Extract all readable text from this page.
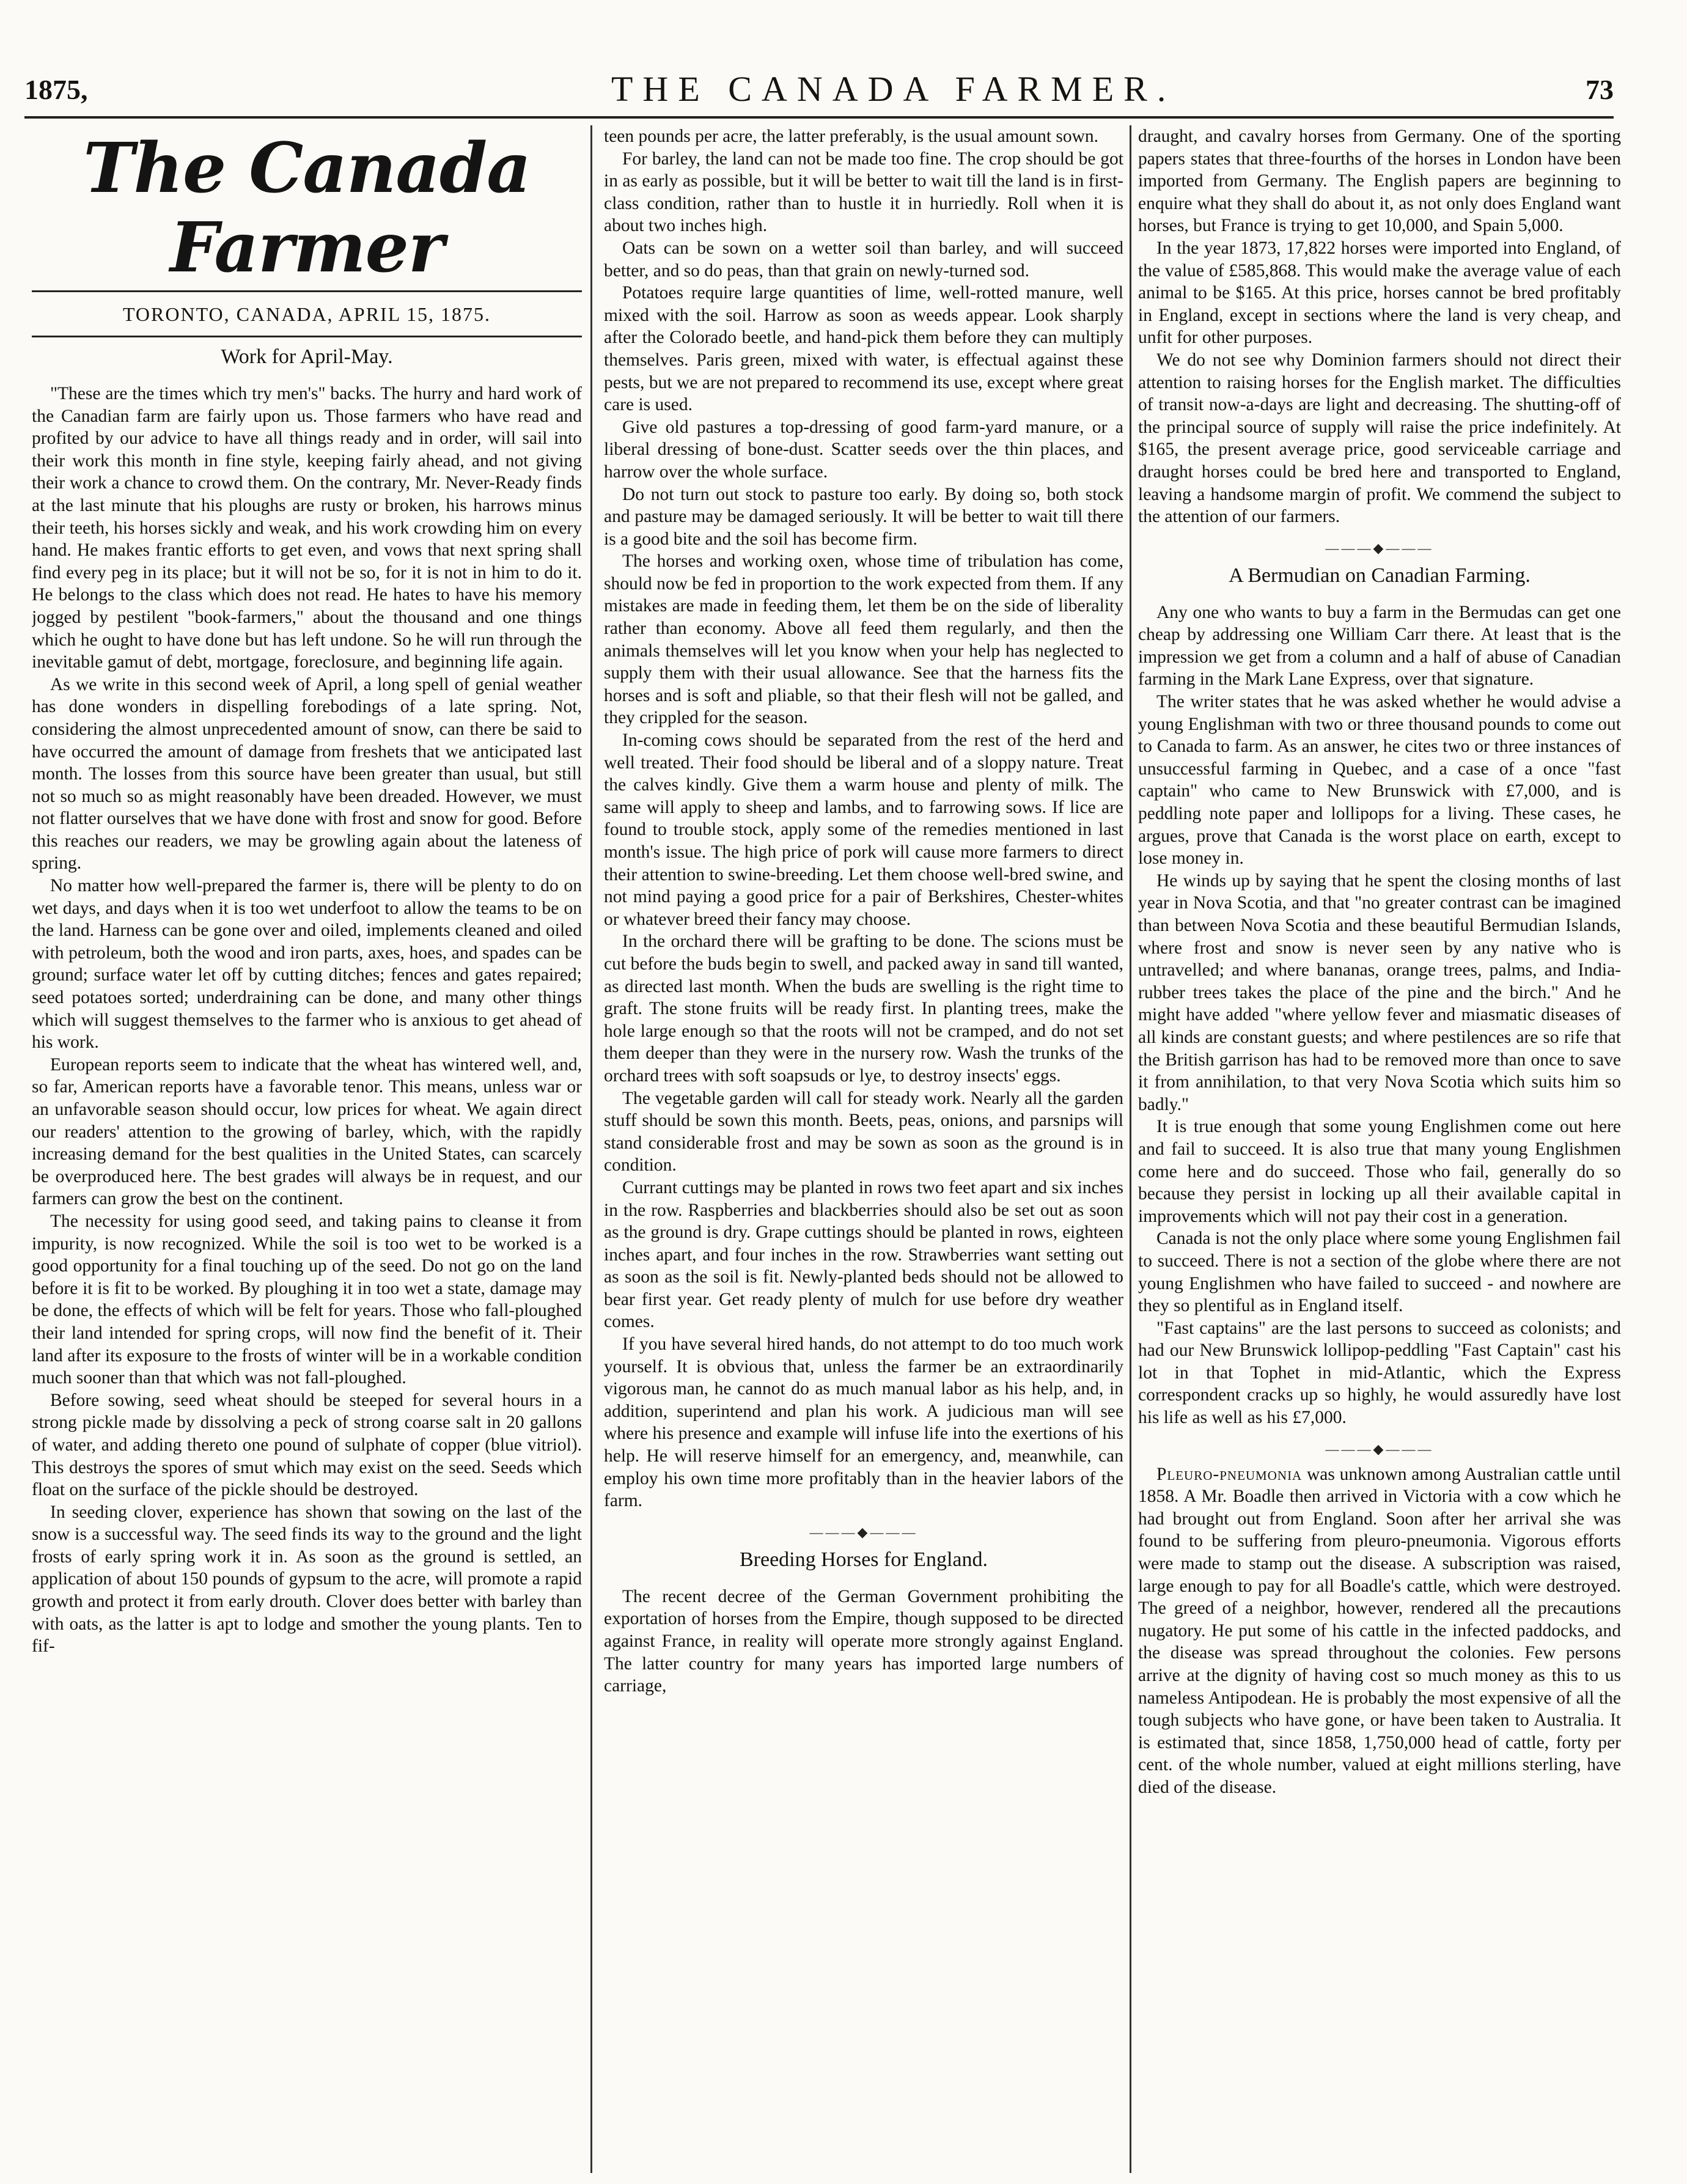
1875,	THE CANADA FARMER.	73
The Canada Farmer
TORONTO, CANADA, APRIL 15, 1875.
Work for April-May.

"These are the times which try men's" backs. The hurry and hard work of the Canadian farm are fairly upon us. Those farmers who have read and profited by our advice to have all things ready and in order, will sail into their work this month in fine style, keeping fairly ahead, and not giving their work a chance to crowd them. On the contrary, Mr. Never-Ready finds at the last minute that his ploughs are rusty or broken, his harrows minus their teeth, his horses sickly and weak, and his work crowding him on every hand. He makes frantic efforts to get even, and vows that next spring shall find every peg in its place; but it will not be so, for it is not in him to do it. He belongs to the class which does not read. He hates to have his memory jogged by pestilent "book-farmers," about the thousand and one things which he ought to have done but has left undone. So he will run through the inevitable gamut of debt, mortgage, foreclosure, and beginning life again.

As we write in this second week of April, a long spell of genial weather has done wonders in dispelling forebodings of a late spring. Not, considering the almost unprecedented amount of snow, can there be said to have occurred the amount of damage from freshets that we anticipated last month. The losses from this source have been greater than usual, but still not so much so as might reasonably have been dreaded. However, we must not flatter ourselves that we have done with frost and snow for good. Before this reaches our readers, we may be growling again about the lateness of spring.

No matter how well-prepared the farmer is, there will be plenty to do on wet days, and days when it is too wet underfoot to allow the teams to be on the land. Harness can be gone over and oiled, implements cleaned and oiled with petroleum, both the wood and iron parts, axes, hoes, and spades can be ground; surface water let off by cutting ditches; fences and gates repaired; seed potatoes sorted; underdraining can be done, and many other things which will suggest themselves to the farmer who is anxious to get ahead of his work.

European reports seem to indicate that the wheat has wintered well, and, so far, American reports have a favorable tenor. This means, unless war or an unfavorable season should occur, low prices for wheat. We again direct our readers' attention to the growing of barley, which, with the rapidly increasing demand for the best qualities in the United States, can scarcely be overproduced here. The best grades will always be in request, and our farmers can grow the best on the continent.

The necessity for using good seed, and taking pains to cleanse it from impurity, is now recognized. While the soil is too wet to be worked is a good opportunity for a final touching up of the seed. Do not go on the land before it is fit to be worked. By ploughing it in too wet a state, damage may be done, the effects of which will be felt for years. Those who fall-ploughed their land intended for spring crops, will now find the benefit of it. Their land after its exposure to the frosts of winter will be in a workable condition much sooner than that which was not fall-ploughed.

Before sowing, seed wheat should be steeped for several hours in a strong pickle made by dissolving a peck of strong coarse salt in 20 gallons of water, and adding thereto one pound of sulphate of copper (blue vitriol). This destroys the spores of smut which may exist on the seed. Seeds which float on the surface of the pickle should be destroyed.

In seeding clover, experience has shown that sowing on the last of the snow is a successful way. The seed finds its way to the ground and the light frosts of early spring work it in. As soon as the ground is settled, an application of about 150 pounds of gypsum to the acre, will promote a rapid growth and protect it from early drouth. Clover does better with barley than with oats, as the latter is apt to lodge and smother the young plants. Ten to fif-

teen pounds per acre, the latter preferably, is the usual amount sown.

For barley, the land can not be made too fine. The crop should be got in as early as possible, but it will be better to wait till the land is in first-class condition, rather than to hustle it in hurriedly. Roll when it is about two inches high.

Oats can be sown on a wetter soil than barley, and will succeed better, and so do peas, than that grain on newly-turned sod.

Potatoes require large quantities of lime, well-rotted manure, well mixed with the soil. Harrow as soon as weeds appear. Look sharply after the Colorado beetle, and hand-pick them before they can multiply themselves. Paris green, mixed with water, is effectual against these pests, but we are not prepared to recommend its use, except where great care is used.

Give old pastures a top-dressing of good farm-yard manure, or a liberal dressing of bone-dust. Scatter seeds over the thin places, and harrow over the whole surface.

Do not turn out stock to pasture too early. By doing so, both stock and pasture may be damaged seriously. It will be better to wait till there is a good bite and the soil has become firm.

The horses and working oxen, whose time of tribulation has come, should now be fed in proportion to the work expected from them. If any mistakes are made in feeding them, let them be on the side of liberality rather than economy. Above all feed them regularly, and then the animals themselves will let you know when your help has neglected to supply them with their usual allowance. See that the harness fits the horses and is soft and pliable, so that their flesh will not be galled, and they crippled for the season.

In-coming cows should be separated from the rest of the herd and well treated. Their food should be liberal and of a sloppy nature. Treat the calves kindly. Give them a warm house and plenty of milk. The same will apply to sheep and lambs, and to farrowing sows. If lice are found to trouble stock, apply some of the remedies mentioned in last month's issue. The high price of pork will cause more farmers to direct their attention to swine-breeding. Let them choose well-bred swine, and not mind paying a good price for a pair of Berkshires, Chester-whites or whatever breed their fancy may choose.

In the orchard there will be grafting to be done. The scions must be cut before the buds begin to swell, and packed away in sand till wanted, as directed last month. When the buds are swelling is the right time to graft. The stone fruits will be ready first. In planting trees, make the hole large enough so that the roots will not be cramped, and do not set them deeper than they were in the nursery row. Wash the trunks of the orchard trees with soft soapsuds or lye, to destroy insects' eggs.

The vegetable garden will call for steady work. Nearly all the garden stuff should be sown this month. Beets, peas, onions, and parsnips will stand considerable frost and may be sown as soon as the ground is in condition.

Currant cuttings may be planted in rows two feet apart and six inches in the row. Raspberries and blackberries should also be set out as soon as the ground is dry. Grape cuttings should be planted in rows, eighteen inches apart, and four inches in the row. Strawberries want setting out as soon as the soil is fit. Newly-planted beds should not be allowed to bear first year. Get ready plenty of mulch for use before dry weather comes.

If you have several hired hands, do not attempt to do too much work yourself. It is obvious that, unless the farmer be an extraordinarily vigorous man, he cannot do as much manual labor as his help, and, in addition, superintend and plan his work. A judicious man will see where his presence and example will infuse life into the exertions of his help. He will reserve himself for an emergency, and, meanwhile, can employ his own time more profitably than in the heavier labors of the farm.

———◆———
Breeding Horses for England.

The recent decree of the German Government prohibiting the exportation of horses from the Empire, though supposed to be directed against France, in reality will operate more strongly against England. The latter country for many years has imported large numbers of carriage,

draught, and cavalry horses from Germany. One of the sporting papers states that three-fourths of the horses in London have been imported from Germany. The English papers are beginning to enquire what they shall do about it, as not only does England want horses, but France is trying to get 10,000, and Spain 5,000.

In the year 1873, 17,822 horses were imported into England, of the value of £585,868. This would make the average value of each animal to be $165. At this price, horses cannot be bred profitably in England, except in sections where the land is very cheap, and unfit for other purposes.

We do not see why Dominion farmers should not direct their attention to raising horses for the English market. The difficulties of transit now-a-days are light and decreasing. The shutting-off of the principal source of supply will raise the price indefinitely. At $165, the present average price, good serviceable carriage and draught horses could be bred here and transported to England, leaving a handsome margin of profit. We commend the subject to the attention of our farmers.

———◆———
A Bermudian on Canadian Farming.

Any one who wants to buy a farm in the Bermudas can get one cheap by addressing one William Carr there. At least that is the impression we get from a column and a half of abuse of Canadian farming in the Mark Lane Express, over that signature.

The writer states that he was asked whether he would advise a young Englishman with two or three thousand pounds to come out to Canada to farm. As an answer, he cites two or three instances of unsuccessful farming in Quebec, and a case of a once "fast captain" who came to New Brunswick with £7,000, and is peddling note paper and lollipops for a living. These cases, he argues, prove that Canada is the worst place on earth, except to lose money in.

He winds up by saying that he spent the closing months of last year in Nova Scotia, and that "no greater contrast can be imagined than between Nova Scotia and these beautiful Bermudian Islands, where frost and snow is never seen by any native who is untravelled; and where bananas, orange trees, palms, and India-rubber trees takes the place of the pine and the birch." And he might have added "where yellow fever and miasmatic diseases of all kinds are constant guests; and where pestilences are so rife that the British garrison has had to be removed more than once to save it from annihilation, to that very Nova Scotia which suits him so badly."

It is true enough that some young Englishmen come out here and fail to succeed. It is also true that many young Englishmen come here and do succeed. Those who fail, generally do so because they persist in locking up all their available capital in improvements which will not pay their cost in a generation.

Canada is not the only place where some young Englishmen fail to succeed. There is not a section of the globe where there are not young Englishmen who have failed to succeed - and nowhere are they so plentiful as in England itself.

"Fast captains" are the last persons to succeed as colonists; and had our New Brunswick lollipop-peddling "Fast Captain" cast his lot in that Tophet in mid-Atlantic, which the Express correspondent cracks up so highly, he would assuredly have lost his life as well as his £7,000.

———◆———

Pleuro-pneumonia was unknown among Australian cattle until 1858. A Mr. Boadle then arrived in Victoria with a cow which he had brought out from England. Soon after her arrival she was found to be suffering from pleuro-pneumonia. Vigorous efforts were made to stamp out the disease. A subscription was raised, large enough to pay for all Boadle's cattle, which were destroyed. The greed of a neighbor, however, rendered all the precautions nugatory. He put some of his cattle in the infected paddocks, and the disease was spread throughout the colonies. Few persons arrive at the dignity of having cost so much money as this to us nameless Antipodean. He is probably the most expensive of all the tough subjects who have gone, or have been taken to Australia. It is estimated that, since 1858, 1,750,000 head of cattle, forty per cent. of the whole number, valued at eight millions sterling, have died of the disease.
